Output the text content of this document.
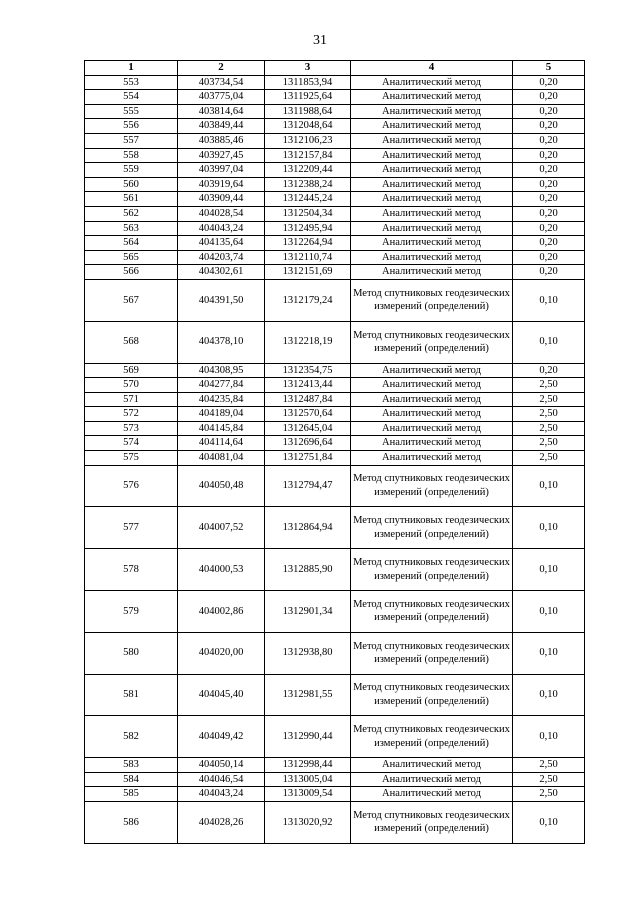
31
1	2	3	4	5
553	403734,54	1311853,94	Аналитический метод	0,20
554	403775,04	1311925,64	Аналитический метод	0,20
555	403814,64	1311988,64	Аналитический метод	0,20
556	403849,44	1312048,64	Аналитический метод	0,20
557	403885,46	1312106,23	Аналитический метод	0,20
558	403927,45	1312157,84	Аналитический метод	0,20
559	403997,04	1312209,44	Аналитический метод	0,20
560	403919,64	1312388,24	Аналитический метод	0,20
561	403909,44	1312445,24	Аналитический метод	0,20
562	404028,54	1312504,34	Аналитический метод	0,20
563	404043,24	1312495,94	Аналитический метод	0,20
564	404135,64	1312264,94	Аналитический метод	0,20
565	404203,74	1312110,74	Аналитический метод	0,20
566	404302,61	1312151,69	Аналитический метод	0,20
567	404391,50	1312179,24	Метод спутниковых геодезических измерений (определений)	0,10
568	404378,10	1312218,19	Метод спутниковых геодезических измерений (определений)	0,10
569	404308,95	1312354,75	Аналитический метод	0,20
570	404277,84	1312413,44	Аналитический метод	2,50
571	404235,84	1312487,84	Аналитический метод	2,50
572	404189,04	1312570,64	Аналитический метод	2,50
573	404145,84	1312645,04	Аналитический метод	2,50
574	404114,64	1312696,64	Аналитический метод	2,50
575	404081,04	1312751,84	Аналитический метод	2,50
576	404050,48	1312794,47	Метод спутниковых геодезических измерений (определений)	0,10
577	404007,52	1312864,94	Метод спутниковых геодезических измерений (определений)	0,10
578	404000,53	1312885,90	Метод спутниковых геодезических измерений (определений)	0,10
579	404002,86	1312901,34	Метод спутниковых геодезических измерений (определений)	0,10
580	404020,00	1312938,80	Метод спутниковых геодезических измерений (определений)	0,10
581	404045,40	1312981,55	Метод спутниковых геодезических измерений (определений)	0,10
582	404049,42	1312990,44	Метод спутниковых геодезических измерений (определений)	0,10
583	404050,14	1312998,44	Аналитический метод	2,50
584	404046,54	1313005,04	Аналитический метод	2,50
585	404043,24	1313009,54	Аналитический метод	2,50
586	404028,26	1313020,92	Метод спутниковых геодезических измерений (определений)	0,10
